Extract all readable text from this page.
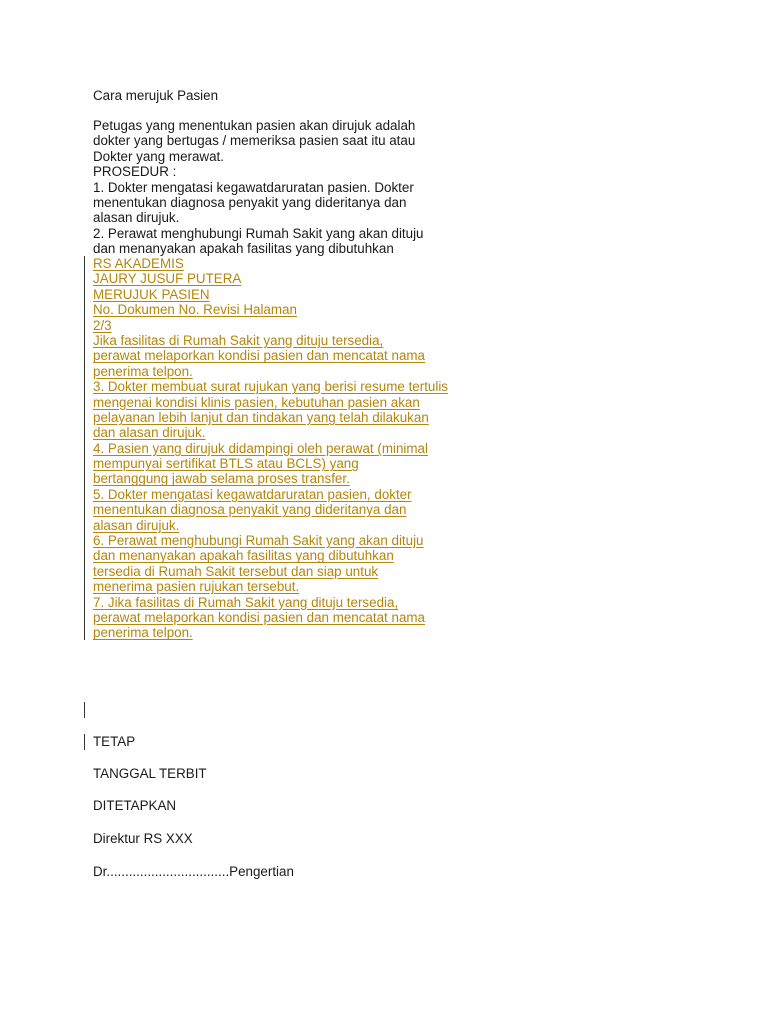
Cara merujuk Pasien
Petugas yang menentukan pasien akan dirujuk adalah
dokter yang bertugas / memeriksa pasien saat itu atau
Dokter yang merawat.
PROSEDUR :
1. Dokter mengatasi kegawatdaruratan pasien. Dokter
menentukan diagnosa penyakit yang dideritanya dan
alasan dirujuk.
2. Perawat menghubungi Rumah Sakit yang akan dituju
dan menanyakan apakah fasilitas yang dibutuhkan
RS AKADEMIS
JAURY JUSUF PUTERA
MERUJUK PASIEN
No. Dokumen No. Revisi Halaman
2/3
Jika fasilitas di Rumah Sakit yang dituju tersedia,
perawat melaporkan kondisi pasien dan mencatat nama
penerima telpon.
3. Dokter membuat surat rujukan yang berisi resume tertulis
mengenai kondisi klinis pasien, kebutuhan pasien akan
pelayanan lebih lanjut dan tindakan yang telah dilakukan
dan alasan dirujuk.
4. Pasien yang dirujuk didampingi oleh perawat (minimal
mempunyai sertifikat BTLS atau BCLS) yang
bertanggung jawab selama proses transfer.
5. Dokter mengatasi kegawatdaruratan pasien, dokter
menentukan diagnosa penyakit yang dideritanya dan
alasan dirujuk.
6. Perawat menghubungi Rumah Sakit yang akan dituju
dan menanyakan apakah fasilitas yang dibutuhkan
tersedia di Rumah Sakit tersebut dan siap untuk
menerima pasien rujukan tersebut.
7. Jika fasilitas di Rumah Sakit yang dituju tersedia,
perawat melaporkan kondisi pasien dan mencatat nama
penerima telpon.
TETAP
TANGGAL TERBIT
DITETAPKAN
Direktur RS XXX
Dr.................................Pengertian
